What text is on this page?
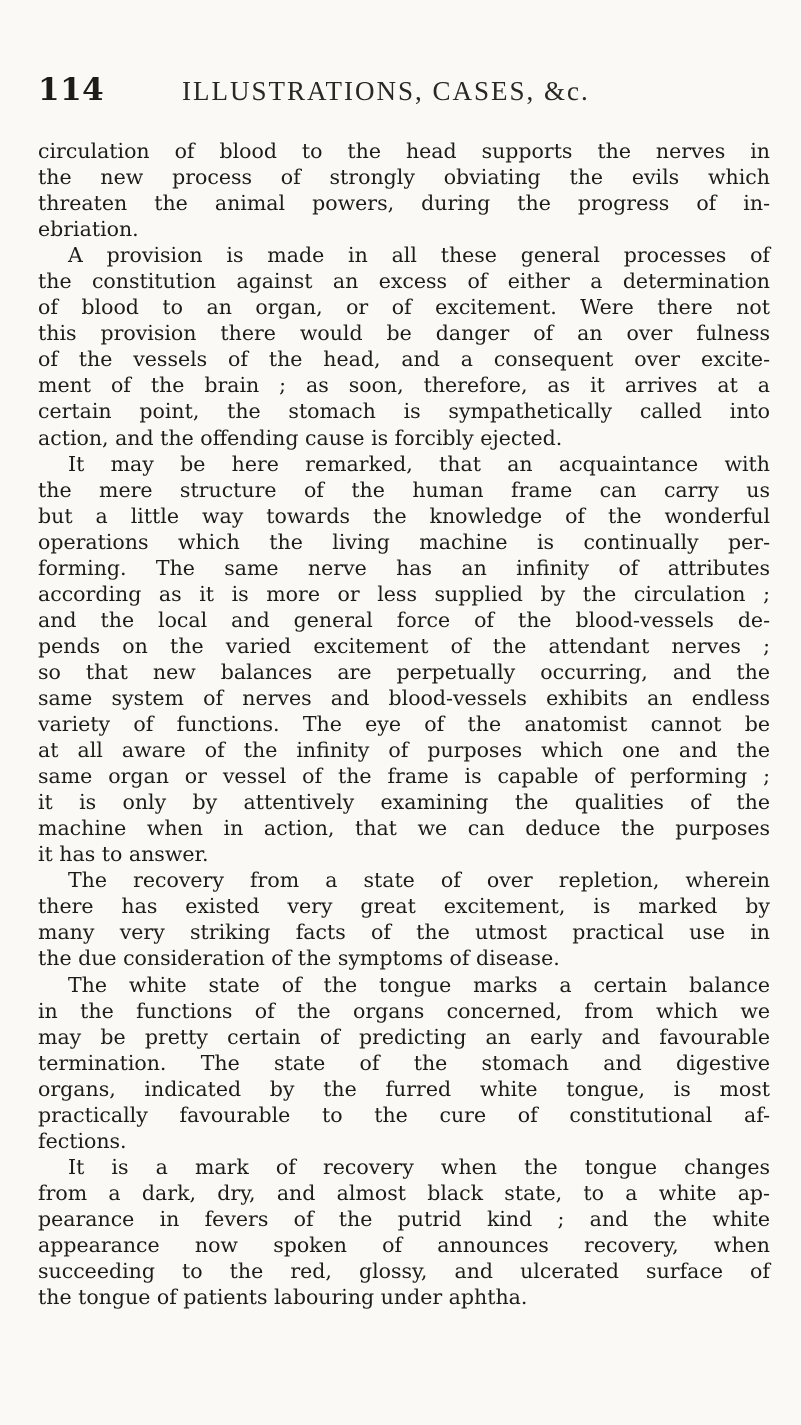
114	ILLUSTRATIONS, CASES, &c.
circulation of blood to the head supports the nerves in
the new process of strongly obviating the evils which
threaten the animal powers, during the progress of in-
ebriation.
A provision is made in all these general processes of
the constitution against an excess of either a determination
of blood to an organ, or of excitement. Were there not
this provision there would be danger of an over fulness
of the vessels of the head, and a consequent over excite-
ment of the brain ; as soon, therefore, as it arrives at a
certain point, the stomach is sympathetically called into
action, and the offending cause is forcibly ejected.
It may be here remarked, that an acquaintance with
the mere structure of the human frame can carry us
but a little way towards the knowledge of the wonderful
operations which the living machine is continually per-
forming. The same nerve has an infinity of attributes
according as it is more or less supplied by the circulation ;
and the local and general force of the blood-vessels de-
pends on the varied excitement of the attendant nerves ;
so that new balances are perpetually occurring, and the
same system of nerves and blood-vessels exhibits an endless
variety of functions. The eye of the anatomist cannot be
at all aware of the infinity of purposes which one and the
same organ or vessel of the frame is capable of performing ;
it is only by attentively examining the qualities of the
machine when in action, that we can deduce the purposes
it has to answer.
The recovery from a state of over repletion, wherein
there has existed very great excitement, is marked by
many very striking facts of the utmost practical use in
the due consideration of the symptoms of disease.
The white state of the tongue marks a certain balance
in the functions of the organs concerned, from which we
may be pretty certain of predicting an early and favourable
termination. The state of the stomach and digestive
organs, indicated by the furred white tongue, is most
practically favourable to the cure of constitutional af-
fections.
It is a mark of recovery when the tongue changes
from a dark, dry, and almost black state, to a white ap-
pearance in fevers of the putrid kind ; and the white
appearance now spoken of announces recovery, when
succeeding to the red, glossy, and ulcerated surface of
the tongue of patients labouring under aphtha.
